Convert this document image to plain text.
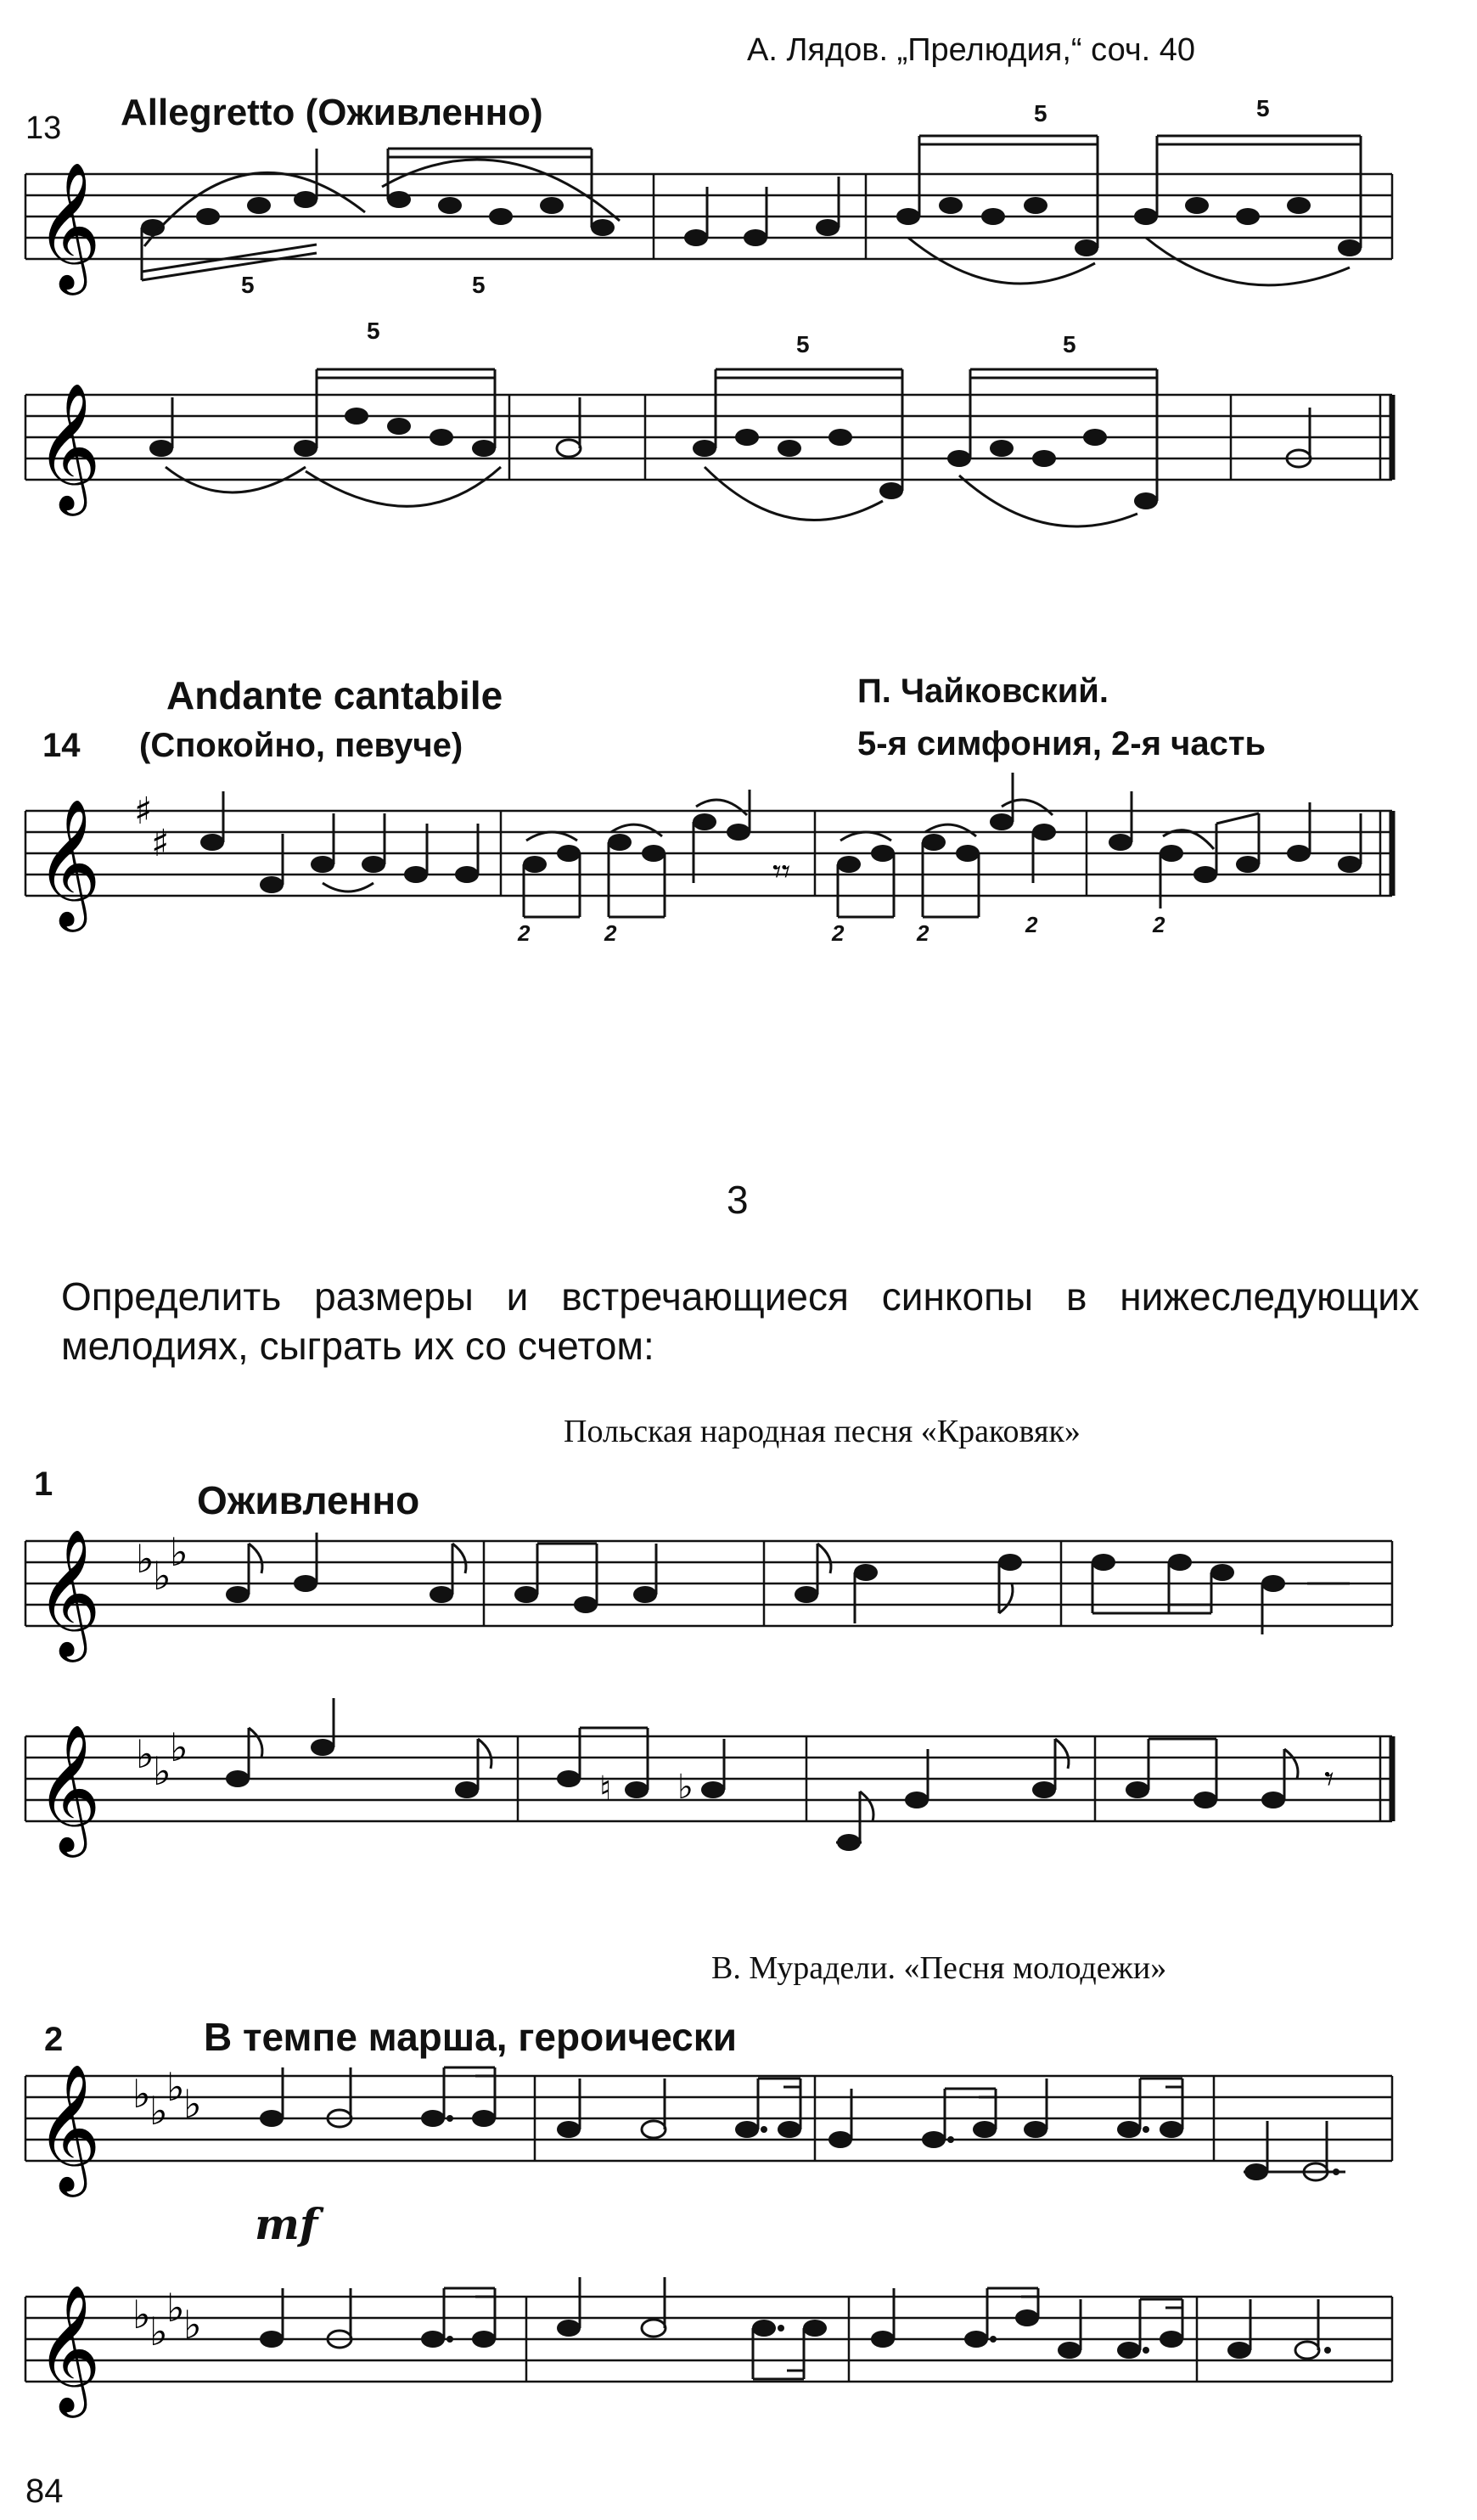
А. Лядов. „Прелюдия,“ соч. 40
13 Allegretto (Оживленно)
𝄞	5	5
5	5
𝄞
5
5	5
Andante cantabile	П. Чайковский.
14 (Спокойно, певуче)	5-я симфония, 2-я часть
𝄞 ♯
♯
𝄾𝄾
2	2	2	2	2	2
3
Определить размеры и встречающиеся синкопы в нижеследующих мелодиях, сыграть их со счетом:
Польская народная песня «Краковяк»
1	Оживленно
𝄞 ♭
♭
♭
𝄞 ♭
♭
♭
♮ ♭	𝄾
В. Мурадели. «Песня молодежи»
2	В темпе марша, героически
𝄞 ♭
♭
♭
♭
mf
𝄞 ♭
♭
♭
♭
84
